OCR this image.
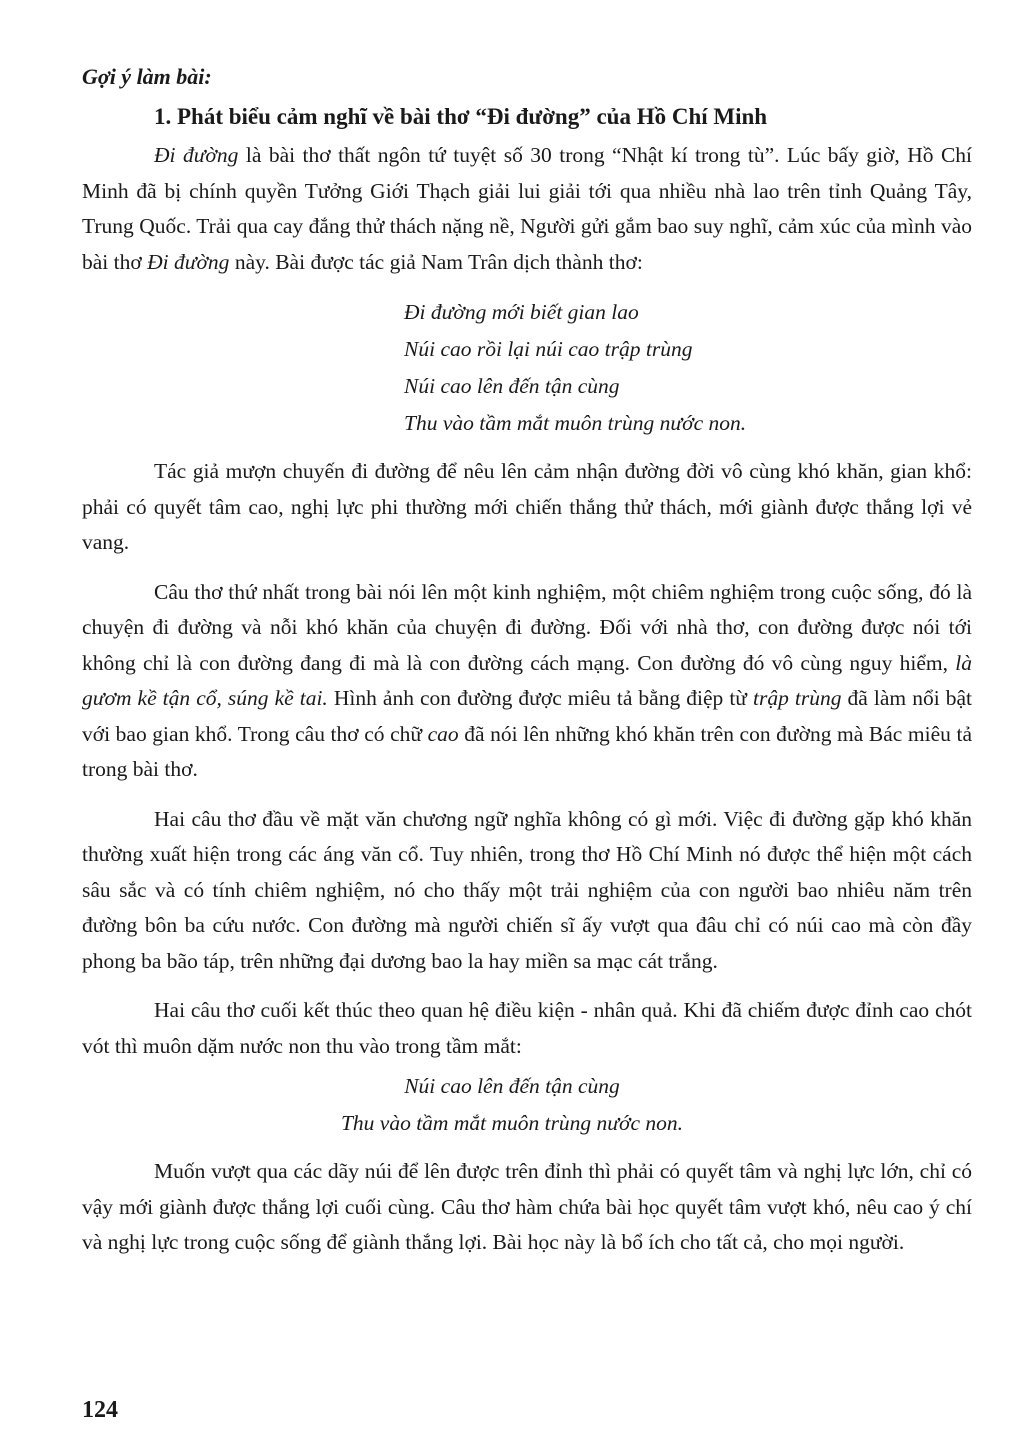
Gợi ý làm bài:
1. Phát biểu cảm nghĩ về bài thơ “Đi đường” của Hồ Chí Minh

Đi đường là bài thơ thất ngôn tứ tuyệt số 30 trong “Nhật kí trong tù”. Lúc bấy giờ, Hồ Chí Minh đã bị chính quyền Tưởng Giới Thạch giải lui giải tới qua nhiều nhà lao trên tỉnh Quảng Tây, Trung Quốc. Trải qua cay đắng thử thách nặng nề, Người gửi gắm bao suy nghĩ, cảm xúc của mình vào bài thơ Đi đường này. Bài được tác giả Nam Trân dịch thành thơ:

Đi đường mới biết gian lao
Núi cao rồi lại núi cao trập trùng
Núi cao lên đến tận cùng
Thu vào tầm mắt muôn trùng nước non.

Tác giả mượn chuyến đi đường để nêu lên cảm nhận đường đời vô cùng khó khăn, gian khổ: phải có quyết tâm cao, nghị lực phi thường mới chiến thắng thử thách, mới giành được thắng lợi vẻ vang.

Câu thơ thứ nhất trong bài nói lên một kinh nghiệm, một chiêm nghiệm trong cuộc sống, đó là chuyện đi đường và nỗi khó khăn của chuyện đi đường. Đối với nhà thơ, con đường được nói tới không chỉ là con đường đang đi mà là con đường cách mạng. Con đường đó vô cùng nguy hiểm, là gươm kề tận cổ, súng kề tai. Hình ảnh con đường được miêu tả bằng điệp từ trập trùng đã làm nổi bật với bao gian khổ. Trong câu thơ có chữ cao đã nói lên những khó khăn trên con đường mà Bác miêu tả trong bài thơ.

Hai câu thơ đầu về mặt văn chương ngữ nghĩa không có gì mới. Việc đi đường gặp khó khăn thường xuất hiện trong các áng văn cổ. Tuy nhiên, trong thơ Hồ Chí Minh nó được thể hiện một cách sâu sắc và có tính chiêm nghiệm, nó cho thấy một trải nghiệm của con người bao nhiêu năm trên đường bôn ba cứu nước. Con đường mà người chiến sĩ ấy vượt qua đâu chỉ có núi cao mà còn đầy phong ba bão táp, trên những đại dương bao la hay miền sa mạc cát trắng.

Hai câu thơ cuối kết thúc theo quan hệ điều kiện - nhân quả. Khi đã chiếm được đỉnh cao chót vót thì muôn dặm nước non thu vào trong tầm mắt:

Núi cao lên đến tận cùng
Thu vào tầm mắt muôn trùng nước non.

Muốn vượt qua các dãy núi để lên được trên đỉnh thì phải có quyết tâm và nghị lực lớn, chỉ có vậy mới giành được thắng lợi cuối cùng. Câu thơ hàm chứa bài học quyết tâm vượt khó, nêu cao ý chí và nghị lực trong cuộc sống để giành thắng lợi. Bài học này là bổ ích cho tất cả, cho mọi người.

124
